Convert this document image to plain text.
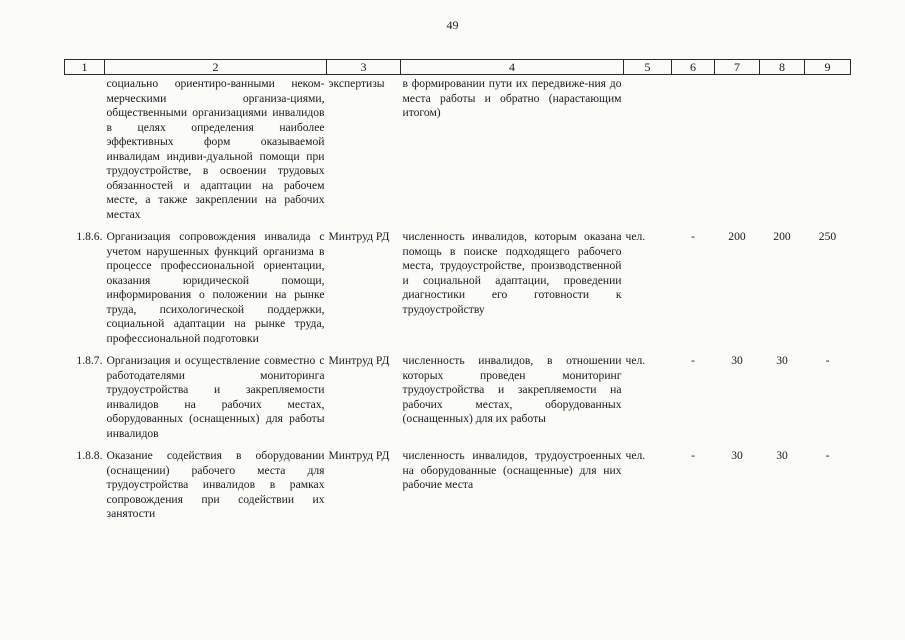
49
1	2	3	4	5	6	7	8	9
	социально ориентиро-ванными неком-мерческими организа-циями, общественными организациями инвалидов в целях определения наиболее эффективных форм оказываемой инвалидам индиви-дуальной помощи при трудоустройстве, в освоении трудовых обязанностей и адаптации на рабочем месте, а также закреплении на рабочих местах	экспертизы	в формировании пути их передвиже-ния до места работы и обратно (нарастающим итогом)					
1.8.6.	Организация сопровождения инвалида с учетом нарушенных функций организма в процессе профессиональной ориентации, оказания юридической помощи, информирования о положении на рынке труда, психологической поддержки, социальной адаптации на рынке труда, профессиональной подготовки	Минтруд РД	численность инвалидов, которым оказана помощь в поиске подходящего рабочего места, трудоустройстве, производственной и социальной адаптации, проведении диагностики его готовности к трудоустройству	чел.	-	200	200	250
1.8.7.	Организация и осуществление совместно с работодателями мониторинга трудоустройства и закрепляемости инвалидов на рабочих местах, оборудованных (оснащенных) для работы инвалидов	Минтруд РД	численность инвалидов, в отношении которых проведен мониторинг трудоустройства и закрепляемости на рабочих местах, оборудованных (оснащенных) для их работы	чел.	-	30	30	-
1.8.8.	Оказание содействия в оборудовании (оснащении) рабочего места для трудоустройства инвалидов в рамках сопровождения при содействии их занятости	Минтруд РД	численность инвалидов, трудоустроенных на оборудованные (оснащенные) для них рабочие места	чел.	-	30	30	-
